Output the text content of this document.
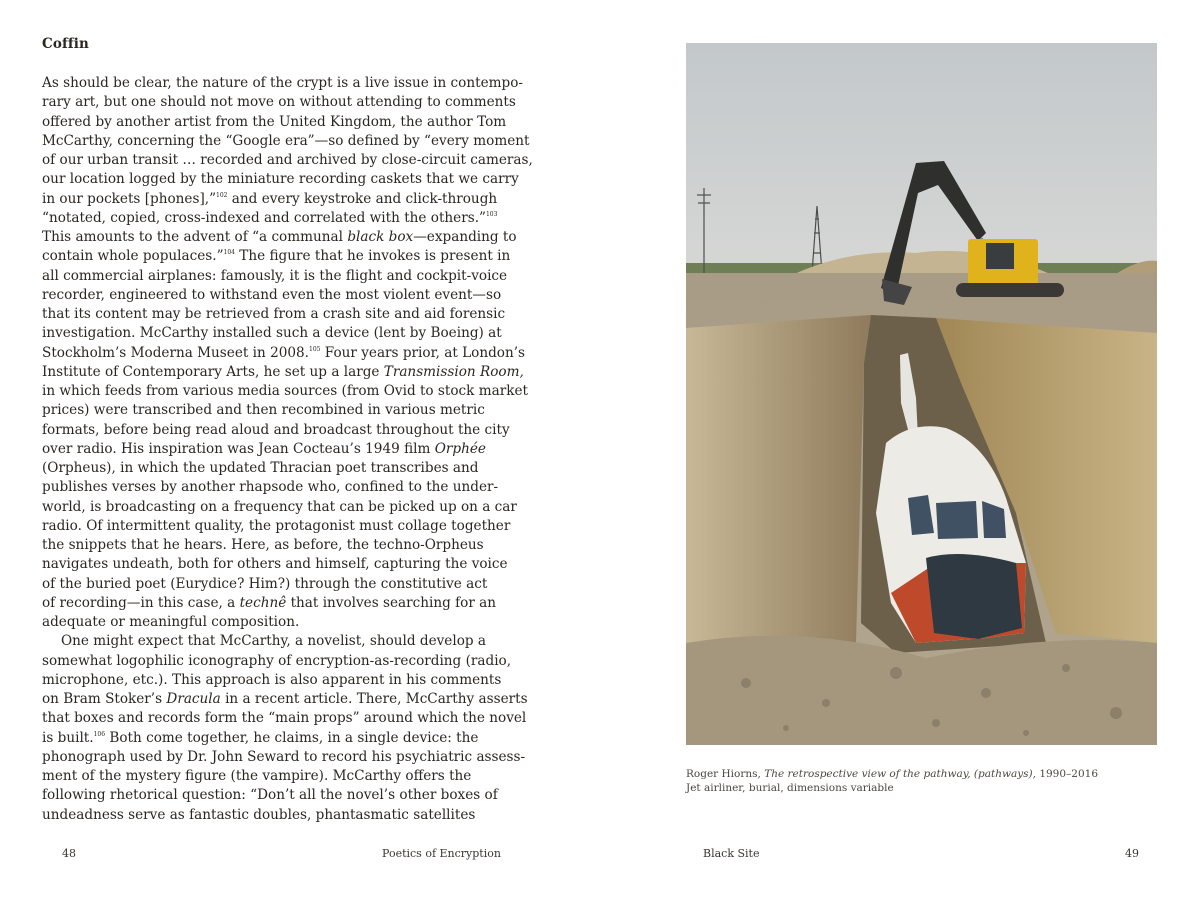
Coffin
As should be clear, the nature of the crypt is a live issue in contempo-
rary art, but one should not move on without attending to comments
offered by another artist from the United Kingdom, the author Tom
McCarthy, concerning the “Google era”—so defined by “every moment
of our urban transit … recorded and archived by close-circuit cameras,
our location logged by the miniature recording caskets that we carry
in our pockets [phones],”$^{102}$ and every keystroke and click-through
“notated, copied, cross-indexed and correlated with the others.”$^{103}$
This amounts to the advent of “a communal black box—expanding to
contain whole populaces.”$^{104}$ The figure that he invokes is present in
all commercial airplanes: famously, it is the flight and cockpit-voice
recorder, engineered to withstand even the most violent event—so
that its content may be retrieved from a crash site and aid forensic
investigation. McCarthy installed such a device (lent by Boeing) at
Stockholm’s Moderna Museet in 2008.$^{105}$ Four years prior, at London’s
Institute of Contemporary Arts, he set up a large Transmission Room,
in which feeds from various media sources (from Ovid to stock market
prices) were transcribed and then recombined in various metric
formats, before being read aloud and broadcast throughout the city
over radio. His inspiration was Jean Cocteau’s 1949 film Orphée
(Orpheus), in which the updated Thracian poet transcribes and
publishes verses by another rhapsode who, confined to the under-
world, is broadcasting on a frequency that can be picked up on a car
radio. Of intermittent quality, the protagonist must collage together
the snippets that he hears. Here, as before, the techno-Orpheus
navigates undeath, both for others and himself, capturing the voice
of the buried poet (Eurydice? Him?) through the constitutive act
of recording—in this case, a technê that involves searching for an
adequate or meaningful composition.
One might expect that McCarthy, a novelist, should develop a
somewhat logophilic iconography of encryption-as-recording (radio,
microphone, etc.). This approach is also apparent in his comments
on Bram Stoker’s Dracula in a recent article. There, McCarthy asserts
that boxes and records form the “main props” around which the novel
is built.$^{106}$ Both come together, he claims, in a single device: the
phonograph used by Dr. John Seward to record his psychiatric assess-
ment of the mystery figure (the vampire). McCarthy offers the
following rhetorical question: “Don’t all the novel’s other boxes of
undeadness serve as fantastic doubles, phantasmatic satellites
48	Poetics of Encryption
Roger Hiorns, The retrospective view of the pathway, (pathways), 1990–2016
Jet airliner, burial, dimensions variable
Black Site	49
